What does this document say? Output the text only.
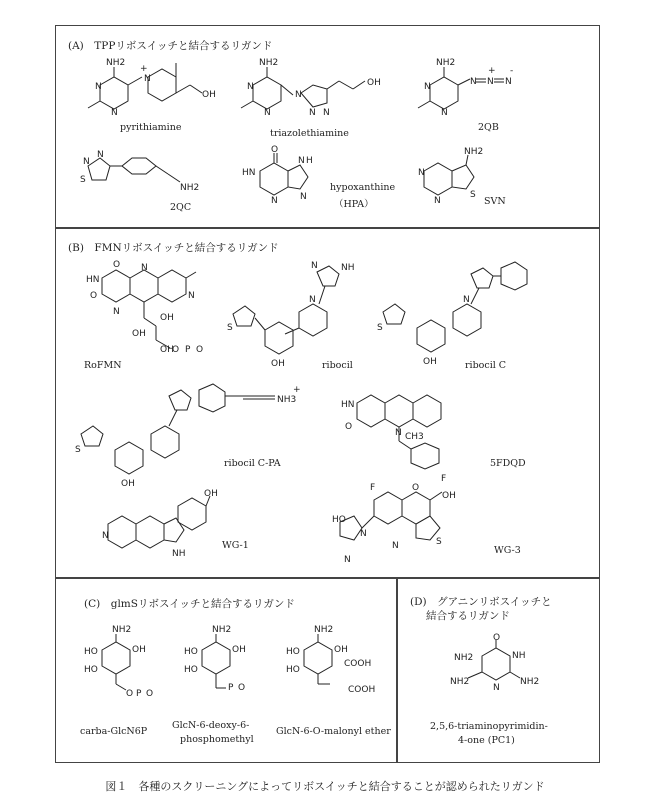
(A)　TPPリボスイッチと結合するリガンド
NH2
N
N
N
+
OH
pyrithiamine
NH2
N
N
N
N N
OH
triazolethiamine
NH2
N
N
N N
+
N
-
2QB
N
N
S
NH2
2QC
O
HN
N
N H
N
hypoxanthine
（HPA）
NH2
N
N
S
SVN
(B)　FMNリボスイッチと結合するリガンド
O
HN
O
N
N
N
OH
OH
OH
O P O
RoFMN
NH
N
N
S
OH	ribocil
N
S
OH	ribocil C
NH3
+
S
OH
ribocil C-PA
HN
O
N CH3
F
5FDQD
N
NH
OH
WG-1
F	O
OH
HO
N
N	S
N
WG-3
(C)　glmSリボスイッチと結合するリガンド
NH2
HO
HO
OH
O P O
carba-GlcN6P
NH2
HO
HO
OH
P O
GlcN-6-deoxy-6-
phosphomethyl
NH2
HO
HO
OH
COOH
COOH
GlcN-6-O-malonyl ether
(D)　グアニンリボスイッチと
結合するリガンド
O
NH2
NH2	NH2
N
NH
2,5,6-triaminopyrimidin-
4-one (PC1)
図１　各種のスクリーニングによってリボスイッチと結合することが認められたリガンド
